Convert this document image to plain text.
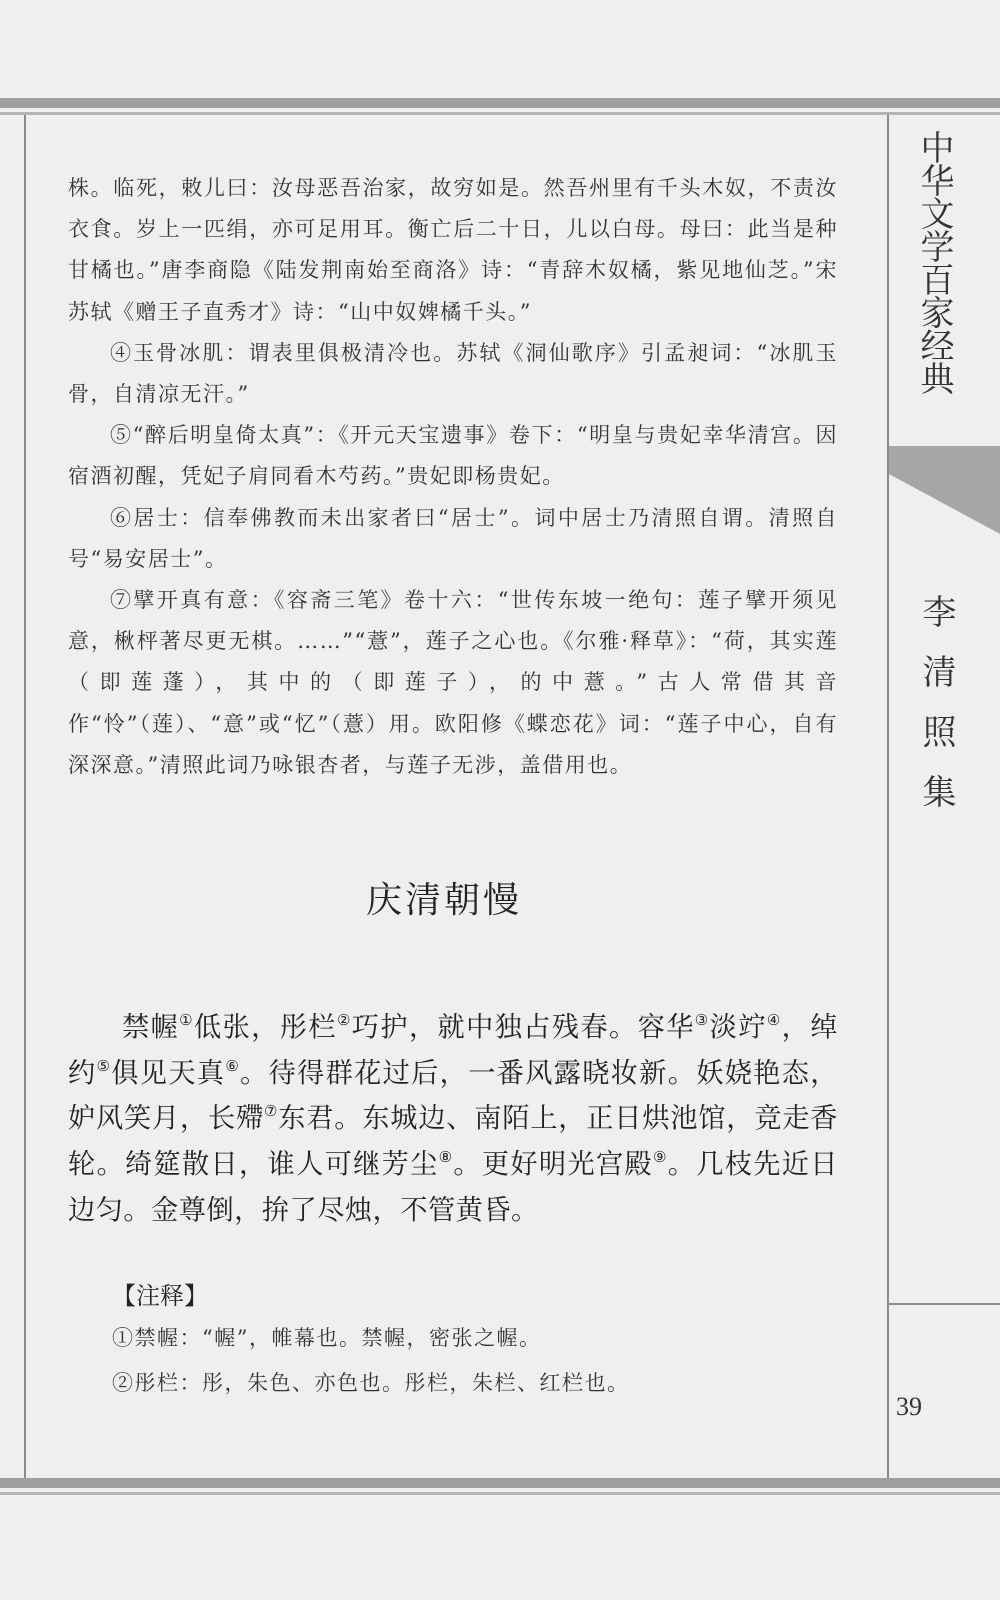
中华文学百家经典
李清照集
39

株。临死，敕儿曰：汝母恶吾治家，故穷如是。然吾州里有千头木奴，不责汝衣食。岁上一匹绢，亦可足用耳。衡亡后二十日，儿以白母。母曰：此当是种甘橘也。”唐李商隐《陆发荆南始至商洛》诗：“青辞木奴橘，紫见地仙芝。”宋苏轼《赠王子直秀才》诗：“山中奴婢橘千头。”

④玉骨冰肌：谓表里俱极清冷也。苏轼《洞仙歌序》引孟昶词：“冰肌玉骨，自清凉无汗。”

⑤“醉后明皇倚太真”：《开元天宝遗事》卷下：“明皇与贵妃幸华清宫。因宿酒初醒，凭妃子肩同看木芍药。”贵妃即杨贵妃。

⑥居士：信奉佛教而未出家者曰“居士”。词中居士乃清照自谓。清照自号“易安居士”。

⑦擘开真有意：《容斋三笔》卷十六：“世传东坡一绝句：莲子擘开须见意，楸枰著尽更无棋。……”“薏”，莲子之心也。《尔雅·释草》：“荷，其实莲（即莲蓬），其中的（即莲子），的中薏。”古人常借其音作“怜”（莲）、“意”或“忆”（薏）用。欧阳修《蝶恋花》词：“莲子中心，自有深深意。”清照此词乃咏银杏者，与莲子无涉，盖借用也。

庆清朝慢
禁幄①低张，彤栏②巧护，就中独占残春。容华③淡竚④，绰约⑤俱见天真⑥。待得群花过后，一番风露晓妆新。妖娆艳态，妒风笑月，长殢⑦东君。东城边、南陌上，正日烘池馆，竞走香轮。绮筵散日，谁人可继芳尘⑧。更好明光宫殿⑨。几枝先近日边匀。金尊倒，拚了尽烛，不管黄昏。
【注释】
①禁幄：“幄”，帷幕也。禁幄，密张之幄。
②彤栏：彤，朱色、亦色也。彤栏，朱栏、红栏也。
